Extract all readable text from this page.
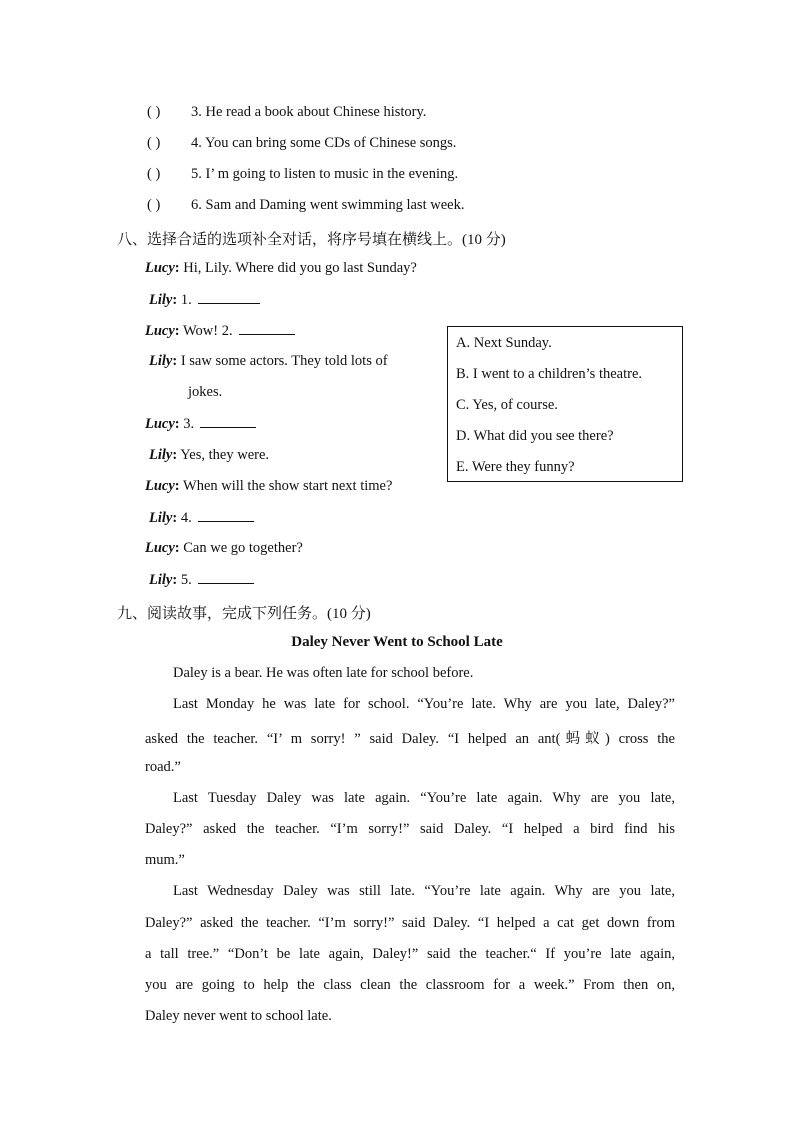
( ) 3. He read a book about Chinese history.
( ) 4. You can bring some CDs of Chinese songs.
( ) 5. I’ m going to listen to music in the evening.
( ) 6. Sam and Daming went swimming last week.
八、选择合适的选项补全对话，将序号填在横线上。(10 分)
Lucy: Hi, Lily. Where did you go last Sunday?
Lily: 1.
Lucy: Wow! 2.
Lily: I saw some actors. They told lots of
jokes.
Lucy: 3.
Lily: Yes, they were.
Lucy: When will the show start next time?
Lily: 4.
Lucy: Can we go together?
Lily: 5.
A. Next Sunday.
B. I went to a children’s theatre.
C. Yes, of course.
D. What did you see there?
E. Were they funny?
九、阅读故事，完成下列任务。(10 分)
Daley Never Went to School Late
Daley is a bear. He was often late for school before.
Last Monday he was late for school. “You’re late. Why are you late, Daley?”
asked the teacher. “I’ m sorry! ” said Daley. “I helped an ant(蚂蚁) cross the
road.”
Last Tuesday Daley was late again. “You’re late again. Why are you late,
Daley?” asked the teacher. “I’m sorry!” said Daley. “I helped a bird find his
mum.”
Last Wednesday Daley was still late. “You’re late again. Why are you late,
Daley?” asked the teacher. “I’m sorry!” said Daley. “I helped a cat get down from
a tall tree.” “Don’t be late again, Daley!” said the teacher.“ If you’re late again,
you are going to help the class clean the classroom for a week.” From then on,
Daley never went to school late.
